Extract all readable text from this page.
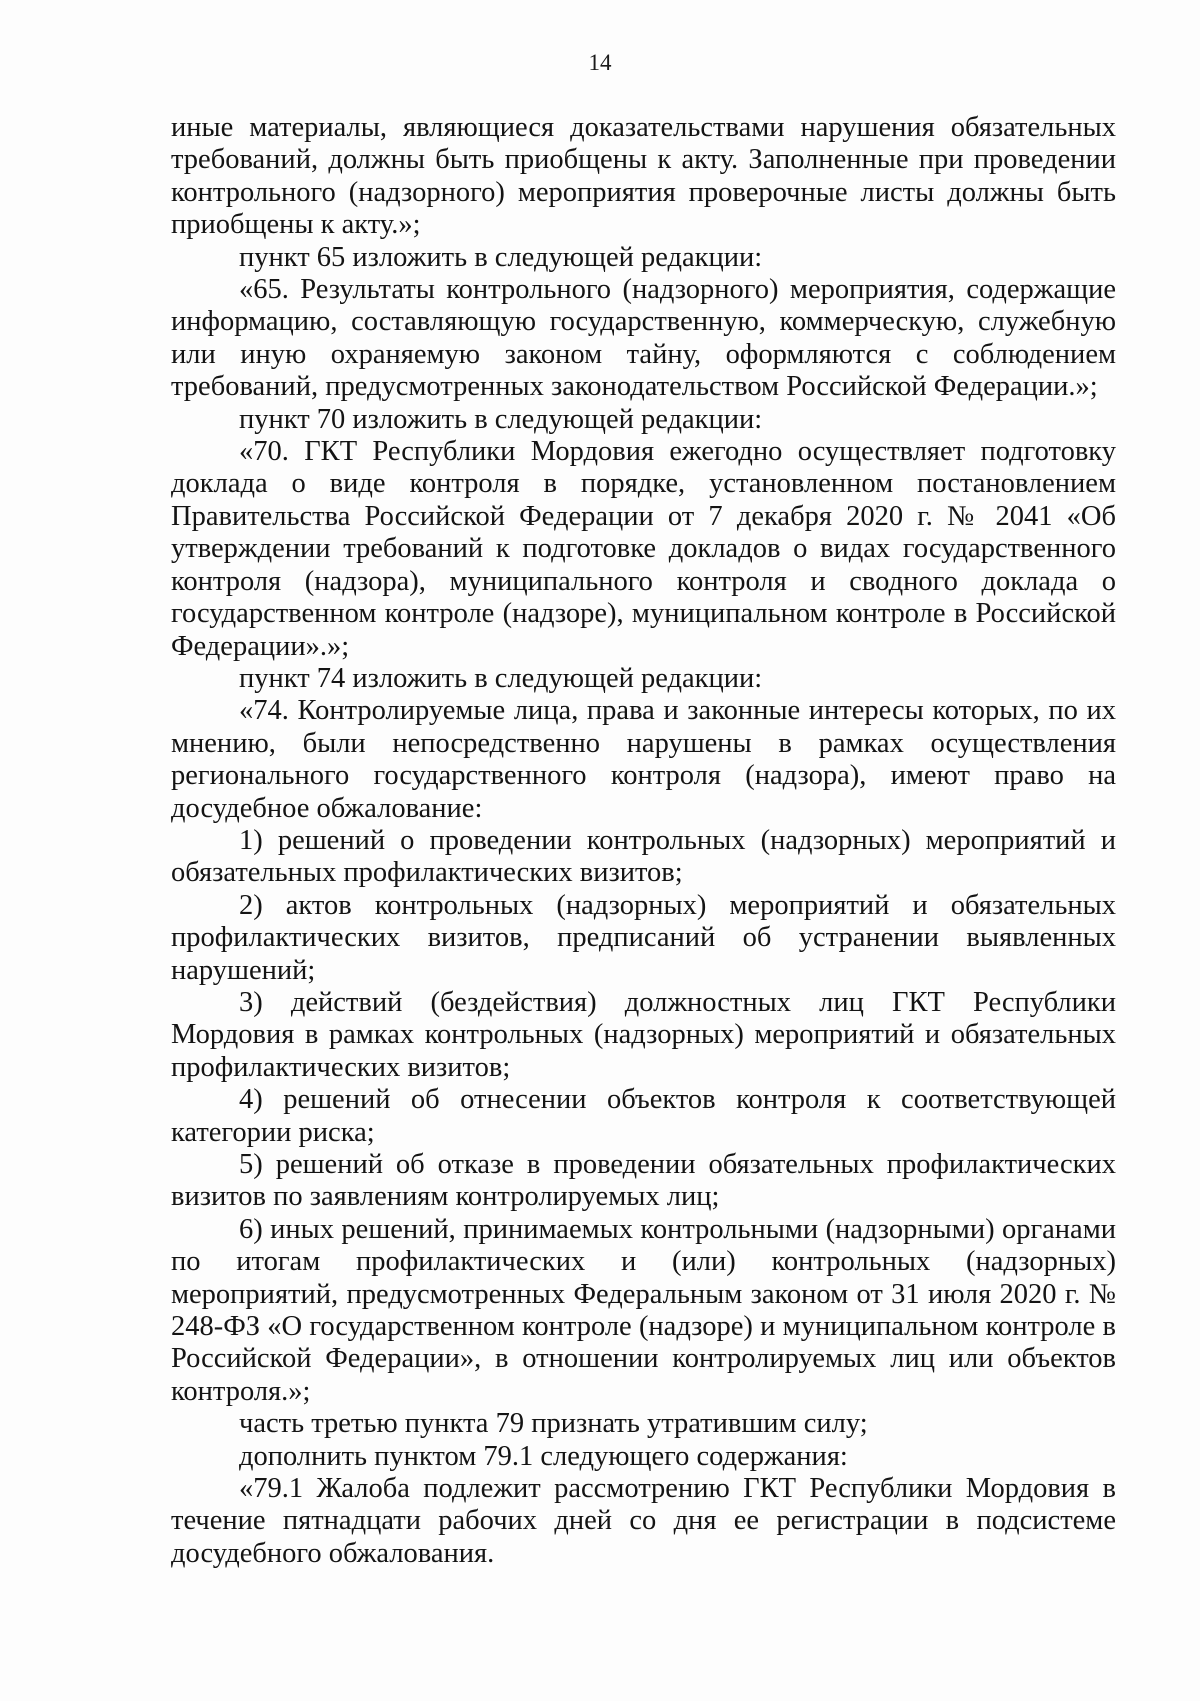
14

иные материалы, являющиеся доказательствами нарушения обязательных требований, должны быть приобщены к акту. Заполненные при проведении контрольного (надзорного) мероприятия проверочные листы должны быть приобщены к акту.»;

пункт 65 изложить в следующей редакции:

«65. Результаты контрольного (надзорного) мероприятия, содержащие информацию, составляющую государственную, коммерческую, служебную или иную охраняемую законом тайну, оформляются с соблюдением требований, предусмотренных законодательством Российской Федерации.»;

пункт 70 изложить в следующей редакции:

«70. ГКТ Республики Мордовия ежегодно осуществляет подготовку доклада о виде контроля в порядке, установленном постановлением Правительства Российской Федерации от 7 декабря 2020 г. № 2041 «Об утверждении требований к подготовке докладов о видах государственного контроля (надзора), муниципального контроля и сводного доклада о государственном контроле (надзоре), муниципальном контроле в Российской Федерации».»;

пункт 74 изложить в следующей редакции:

«74. Контролируемые лица, права и законные интересы которых, по их мнению, были непосредственно нарушены в рамках осуществления регионального государственного контроля (надзора), имеют право на досудебное обжалование:

1) решений о проведении контрольных (надзорных) мероприятий и обязательных профилактических визитов;

2) актов контрольных (надзорных) мероприятий и обязательных профилактических визитов, предписаний об устранении выявленных нарушений;

3) действий (бездействия) должностных лиц ГКТ Республики Мордовия в рамках контрольных (надзорных) мероприятий и обязательных профилактических визитов;

4) решений об отнесении объектов контроля к соответствующей категории риска;

5) решений об отказе в проведении обязательных профилактических визитов по заявлениям контролируемых лиц;

6) иных решений, принимаемых контрольными (надзорными) органами по итогам профилактических и (или) контрольных (надзорных) мероприятий, предусмотренных Федеральным законом от 31 июля 2020 г. № 248-ФЗ «О государственном контроле (надзоре) и муниципальном контроле в Российской Федерации», в отношении контролируемых лиц или объектов контроля.»;

часть третью пункта 79 признать утратившим силу;

дополнить пунктом 79.1 следующего содержания:

«79.1 Жалоба подлежит рассмотрению ГКТ Республики Мордовия в течение пятнадцати рабочих дней со дня ее регистрации в подсистеме досудебного обжалования.
